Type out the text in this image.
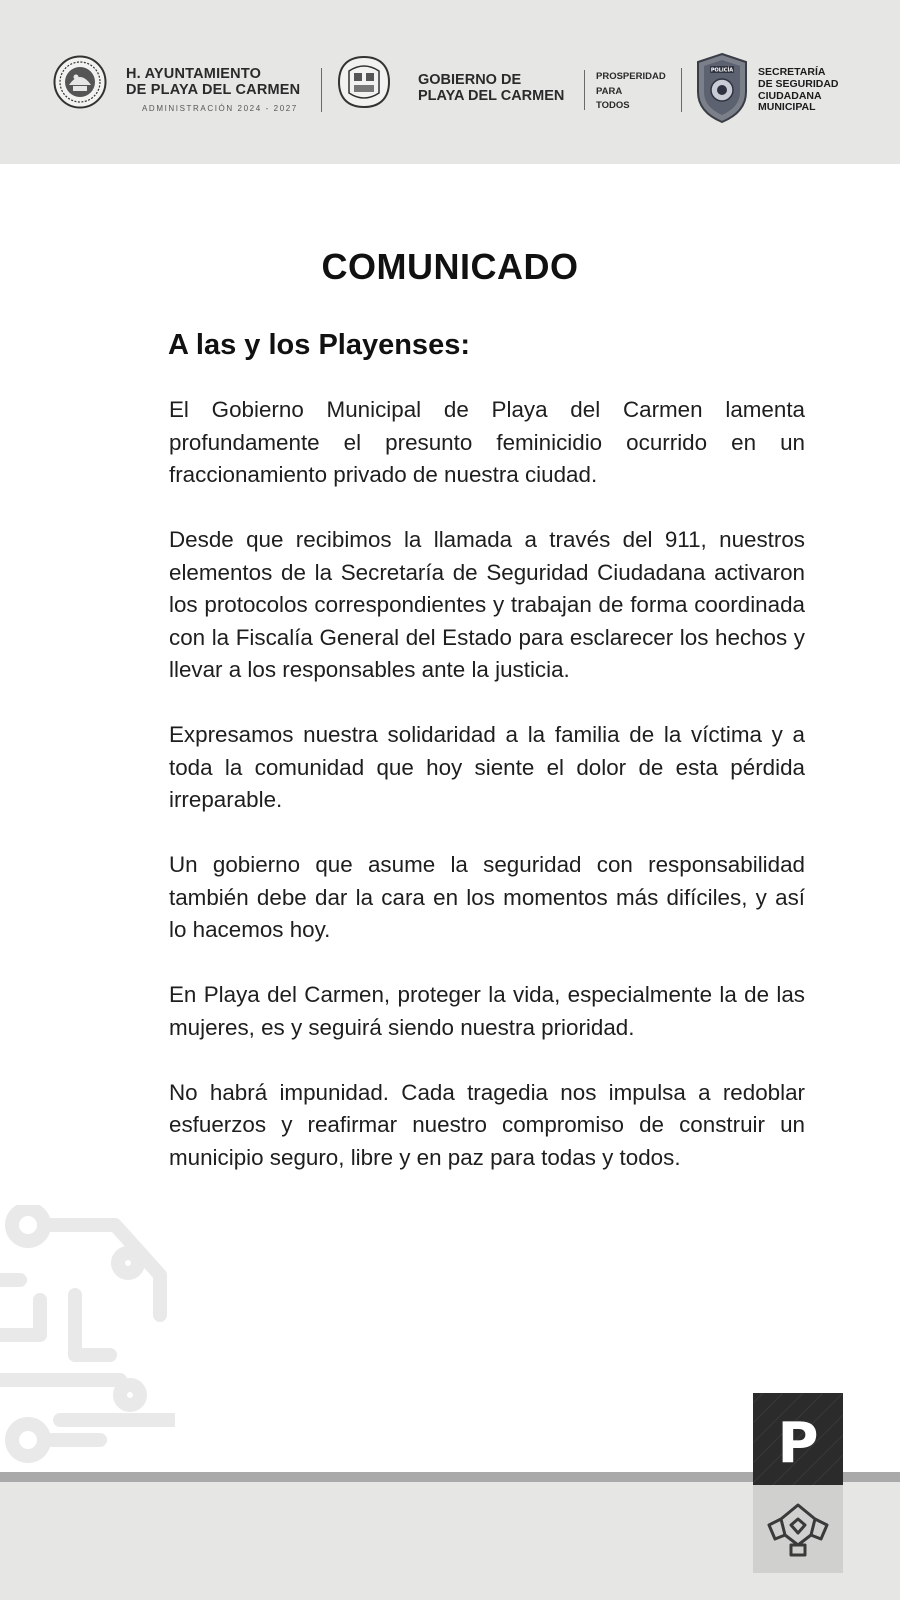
H. AYUNTAMIENTO
DE PLAYA DEL CARMEN
ADMINISTRACIÓN 2024 - 2027
GOBIERNO DE
PLAYA DEL CARMEN
PROSPERIDAD
PARA
TODOS
POLICÍA SECRETARÍA
DE SEGURIDAD
CIUDADANA
MUNICIPAL
COMUNICADO
A las y los Playenses:

El Gobierno Municipal de Playa del Carmen lamenta profundamente el presunto feminicidio ocurrido en un fraccionamiento privado de nuestra ciudad.

Desde que recibimos la llamada a través del 911, nuestros elementos de la Secretaría de Seguridad Ciudadana activaron los protocolos correspondientes y trabajan de forma coordinada con la Fiscalía General del Estado para esclarecer los hechos y llevar a los responsables ante la justicia.

Expresamos nuestra solidaridad a la familia de la víctima y a toda la comunidad que hoy siente el dolor de esta pérdida irreparable.

Un gobierno que asume la seguridad con responsabilidad también debe dar la cara en los momentos más difíciles, y así lo hacemos hoy.

En Playa del Carmen, proteger la vida, especialmente la de las mujeres, es y seguirá siendo nuestra prioridad.

No habrá impunidad. Cada tragedia nos impulsa a redoblar esfuerzos y reafirmar nuestro compromiso de construir un municipio seguro, libre y en paz para todas y todos.

P
